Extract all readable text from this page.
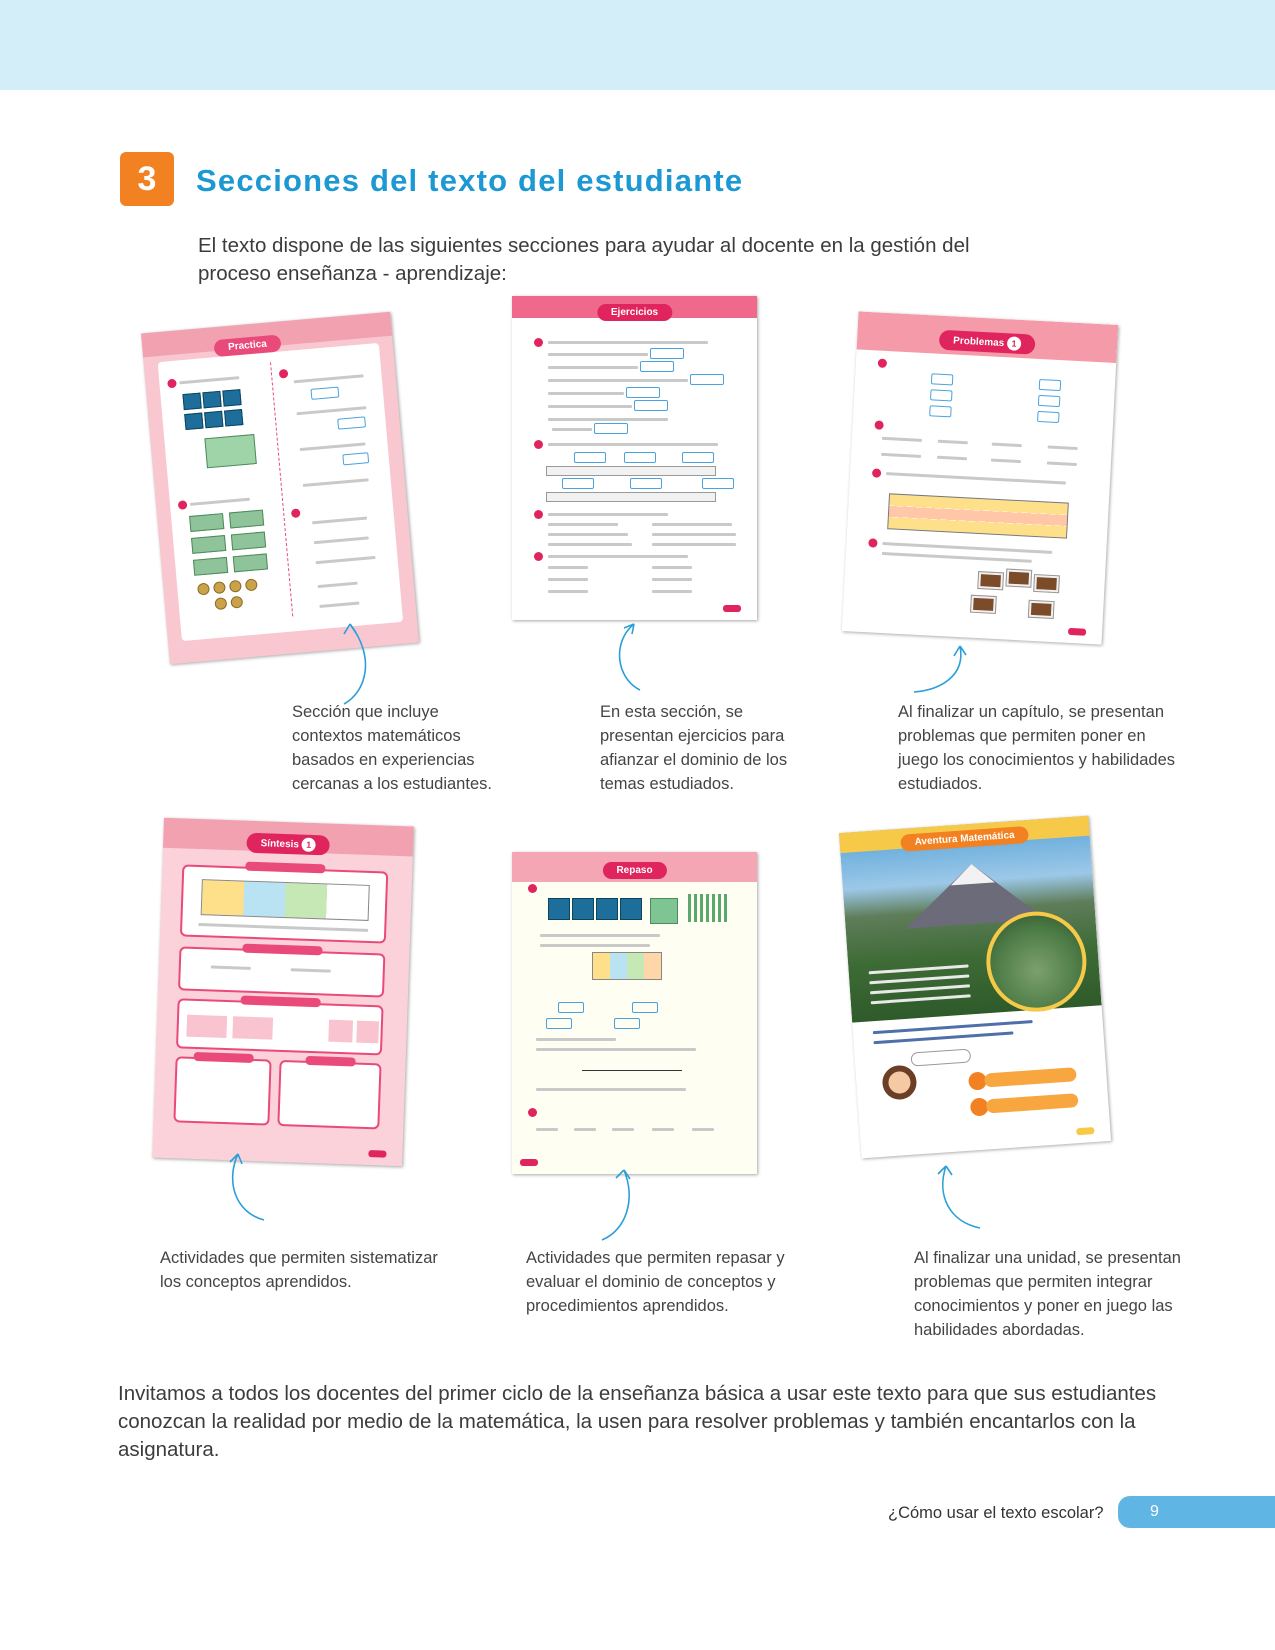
3	Secciones del texto del estudiante

El texto dispone de las siguientes secciones para ayudar al docente en la gestión del proceso enseñanza - aprendizaje:

Practica
Ejercicios
Problemas 1
Síntesis 1
Repaso
Aventura Matemática

Sección que incluye contextos matemáticos basados en experiencias cercanas a los estudiantes.

En esta sección, se presentan ejercicios para afianzar el dominio de los temas estudiados.

Al finalizar un capítulo, se presentan problemas que permiten poner en juego los conocimientos y habilidades estudiados.

Actividades que permiten sistematizar los conceptos aprendidos.

Actividades que permiten repasar y evaluar el dominio de conceptos y procedimientos aprendidos.

Al finalizar una unidad, se presentan problemas que permiten integrar conocimientos y poner en juego las habilidades abordadas.

Invitamos a todos los docentes del primer ciclo de la enseñanza básica a usar este texto para que sus estudiantes conozcan la realidad por medio de la matemática, la usen para resolver problemas y también encantarlos con la asignatura.

¿Cómo usar el texto escolar?	9
